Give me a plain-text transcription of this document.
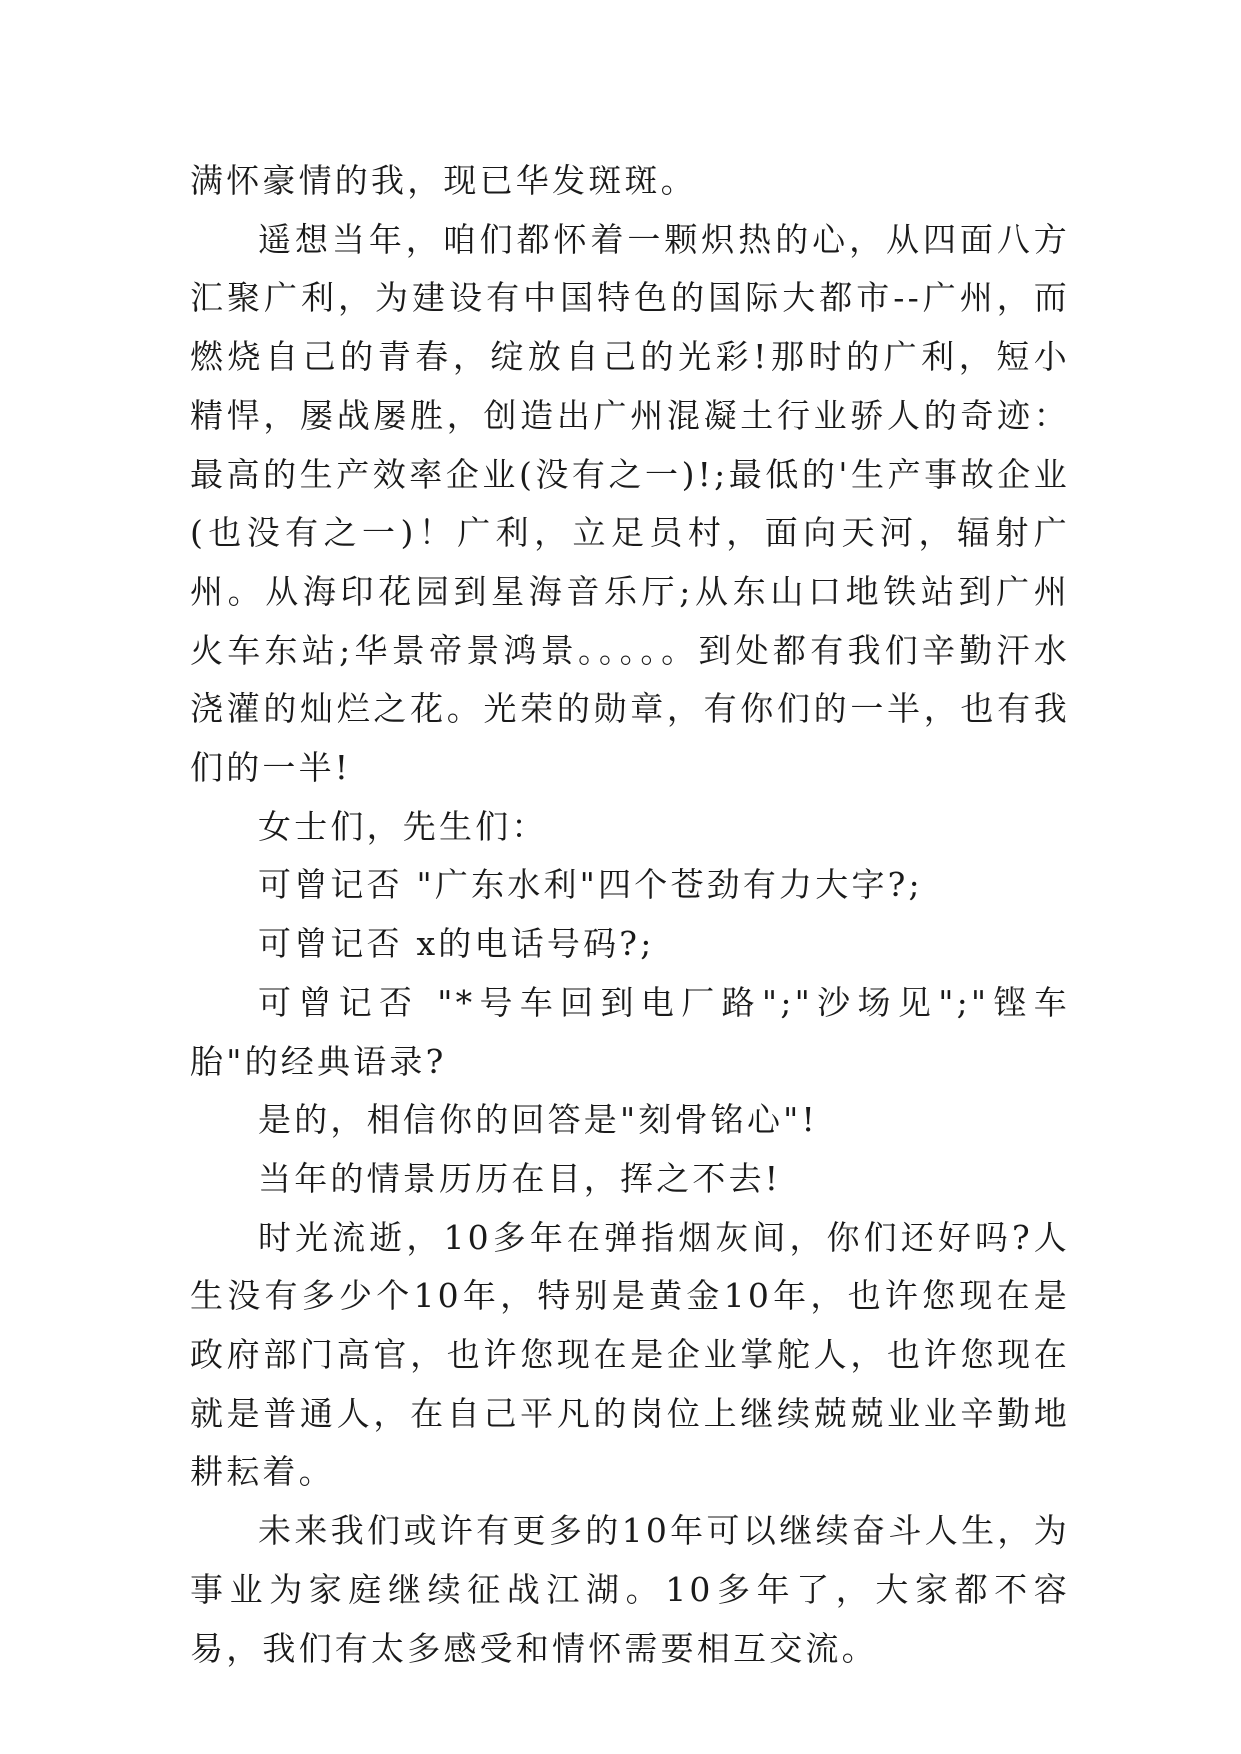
满怀豪情的我，现已华发斑斑。

遥想当年，咱们都怀着一颗炽热的心，从四面八方汇聚广利，为建设有中国特色的国际大都市--广州，而燃烧自己的青春，绽放自己的光彩!那时的广利，短小精悍，屡战屡胜，创造出广州混凝土行业骄人的奇迹：最高的生产效率企业(没有之一)!;最低的'生产事故企业(也没有之一)！广利，立足员村，面向天河，辐射广州。从海印花园到星海音乐厅;从东山口地铁站到广州火车东站;华景帝景鸿景。。。。。到处都有我们辛勤汗水浇灌的灿烂之花。光荣的勋章，有你们的一半，也有我们的一半!

女士们，先生们：

可曾记否 "广东水利"四个苍劲有力大字?;

可曾记否 x的电话号码?;

可曾记否 "*号车回到电厂路";"沙场见";"铿车胎"的经典语录?

是的，相信你的回答是"刻骨铭心"!

当年的情景历历在目，挥之不去!

时光流逝，10多年在弹指烟灰间，你们还好吗?人生没有多少个10年，特别是黄金10年，也许您现在是政府部门高官，也许您现在是企业掌舵人，也许您现在就是普通人，在自己平凡的岗位上继续兢兢业业辛勤地耕耘着。

未来我们或许有更多的10年可以继续奋斗人生，为事业为家庭继续征战江湖。10多年了，大家都不容易，我们有太多感受和情怀需要相互交流。
